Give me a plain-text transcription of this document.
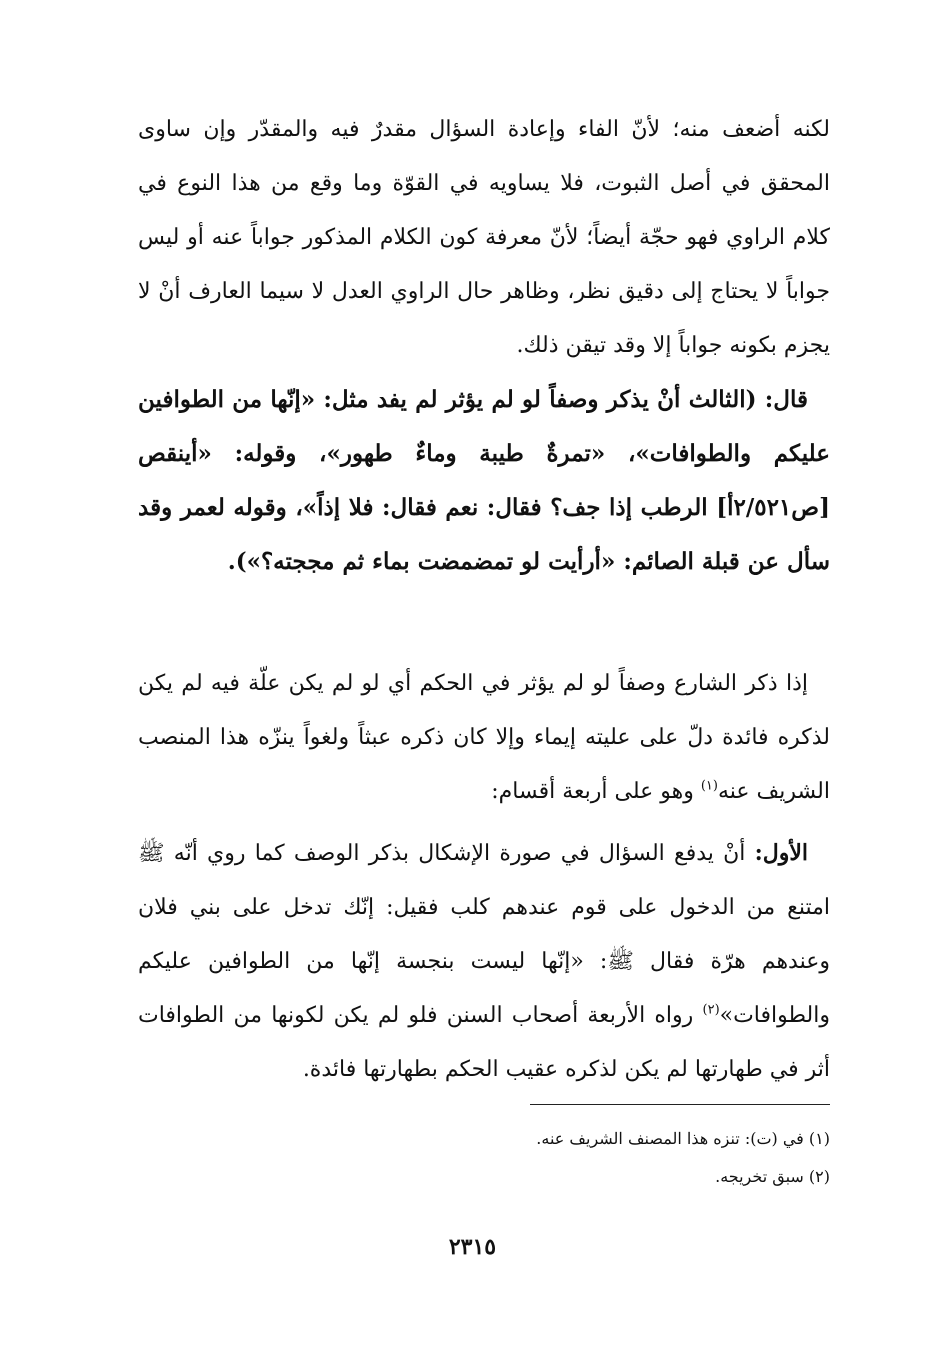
لكنه أضعف منه؛ لأنّ الفاء وإعادة السؤال مقدرٌ فيه والمقدّر وإن ساوى المحقق في أصل الثبوت، فلا يساويه في القوّة وما وقع من هذا النوع في كلام الراوي فهو حجّة أيضاً؛ لأنّ معرفة كون الكلام المذكور جواباً عنه أو ليس جواباً لا يحتاج إلى دقيق نظر، وظاهر حال الراوي العدل لا سيما العارف أنْ لا يجزم بكونه جواباً إلا وقد تيقن ذلك.

قال: (الثالث أنْ يذكر وصفاً لو لم يؤثر لم يفد مثل: «إنّها من الطوافين عليكم والطوافات»، «تمرةٌ طيبة وماءٌ طهور»، وقوله: «أينقص [ص٢/٥٢١أ] الرطب إذا جف؟ فقال: نعم فقال: فلا إذاً»، وقوله لعمر وقد سأل عن قبلة الصائم: «أرأيت لو تمضمضت بماء ثم مججته؟»).

إذا ذكر الشارع وصفاً لو لم يؤثر في الحكم أي لو لم يكن علّة فيه لم يكن لذكره فائدة دلّ على عليته إيماء وإلا كان ذكره عبثاً ولغواً ينزّه هذا المنصب الشريف عنه$^{(١)}$ وهو على أربعة أقسام:

الأول: أنْ يدفع السؤال في صورة الإشكال بذكر الوصف كما روي أنّه ﷺ امتنع من الدخول على قوم عندهم كلب فقيل: إنّك تدخل على بني فلان وعندهم هرّة فقال ﷺ: «إنّها ليست بنجسة إنّها من الطوافين عليكم والطوافات»$^{(٢)}$ رواه الأربعة أصحاب السنن فلو لم يكن لكونها من الطوافات أثر في طهارتها لم يكن لذكره عقيب الحكم بطهارتها فائدة.

(١) في (ت): تنزه هذا المصنف الشريف عنه.

(٢) سبق تخريجه.

٢٣١٥
